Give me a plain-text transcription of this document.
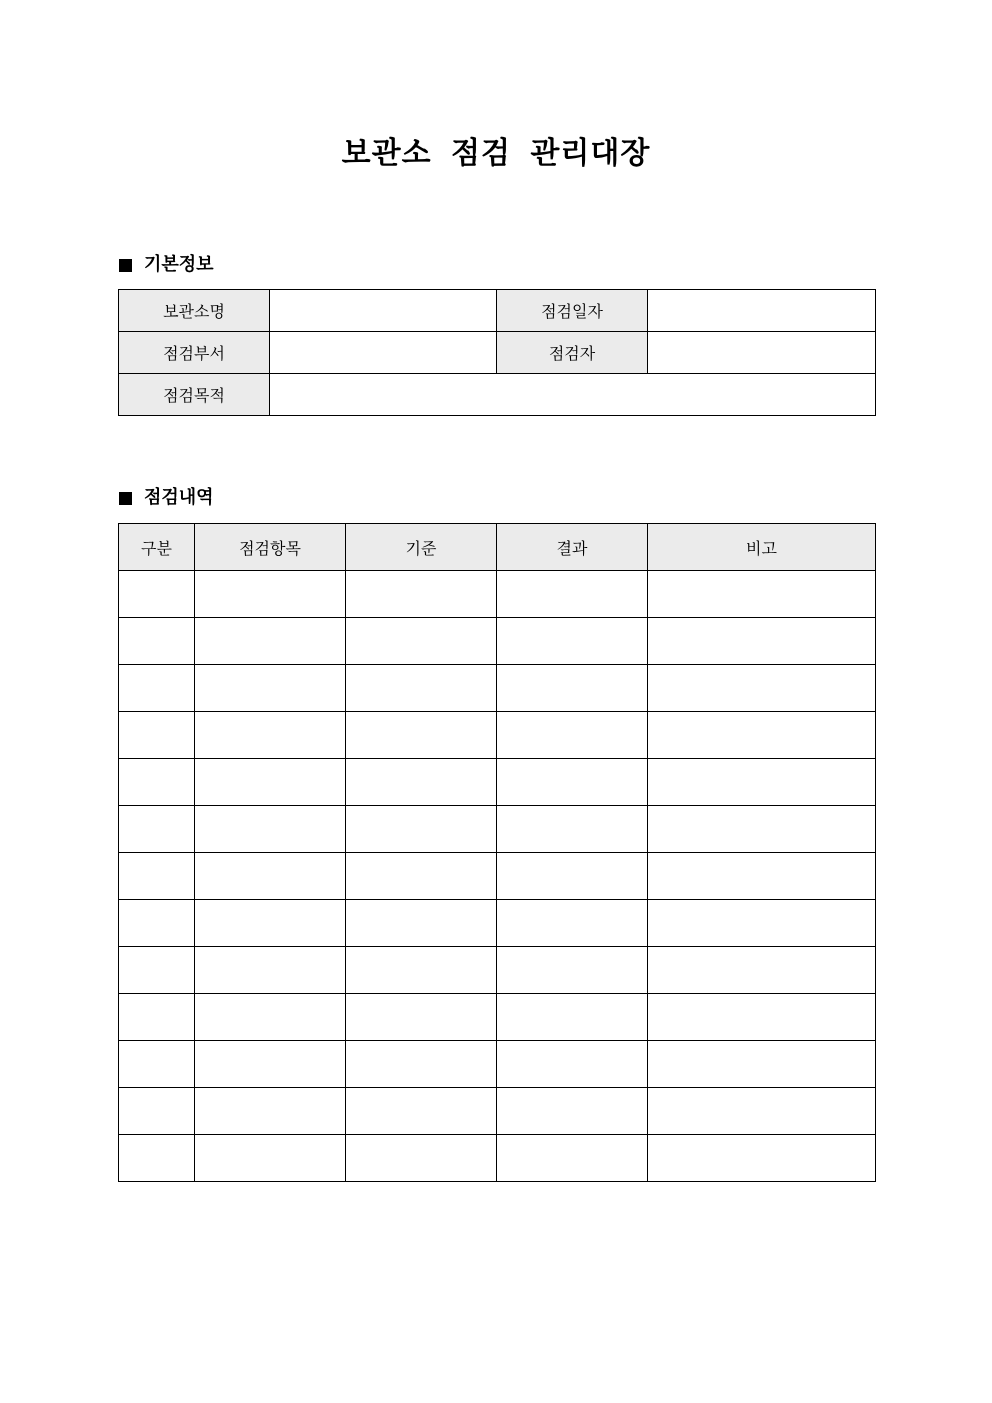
보관소 점검 관리대장
기본정보
보관소명		점검일자	
점검부서		점검자	
점검목적			
점검내역
구분	점검항목	기준	결과	비고
